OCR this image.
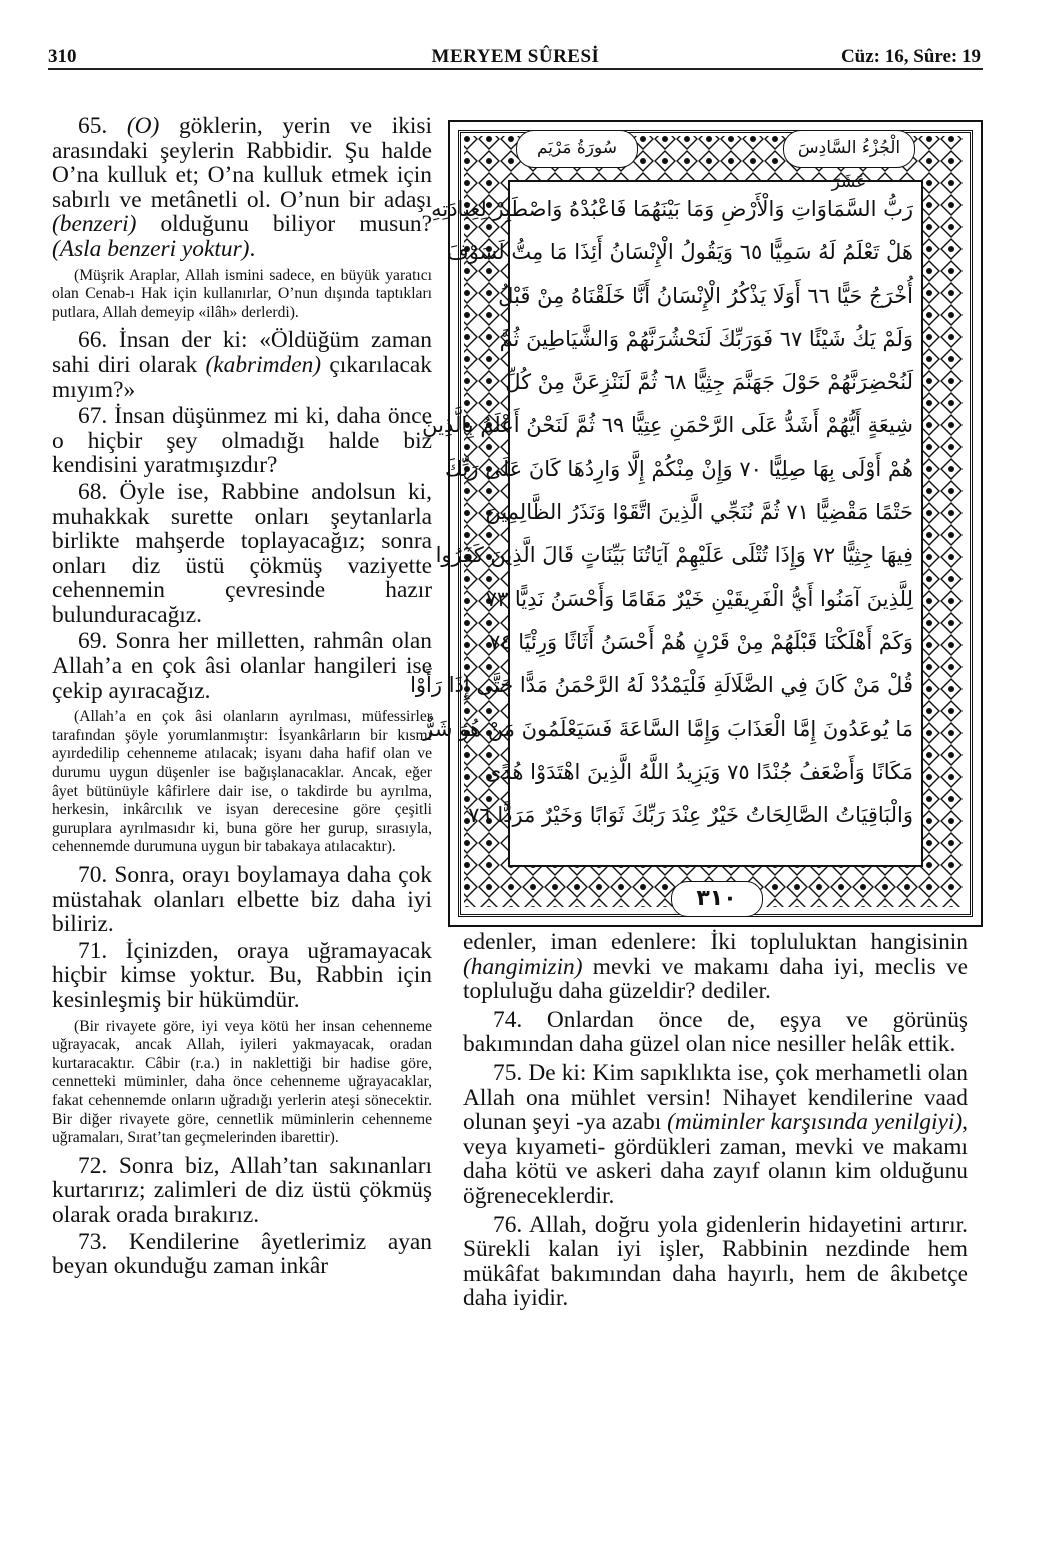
310	MERYEM SÛRESİ	Cüz: 16, Sûre: 19

65. (O) göklerin, yerin ve ikisi arasındaki şeylerin Rabbidir. Şu halde O’na kulluk et; O’na kulluk etmek için sabırlı ve metânetli ol. O’nun bir adaşı (benzeri) olduğunu biliyor musun? (Asla benzeri yoktur).

(Müşrik Araplar, Allah ismini sadece, en büyük yaratıcı olan Cenab-ı Hak için kullanırlar, O’nun dışında taptıkları putlara, Allah demeyip «ilâh» derlerdi).

66. İnsan der ki: «Öldüğüm zaman sahi diri olarak (kabrimden) çıkarılacak mıyım?»

67. İnsan düşünmez mi ki, daha önce o hiçbir şey olmadığı halde biz kendisini yaratmışızdır?

68. Öyle ise, Rabbine andolsun ki, muhakkak surette onları şeytanlarla birlikte mahşerde toplayacağız; sonra onları diz üstü çökmüş vaziyette cehennemin çevresinde hazır bulunduracağız.

69. Sonra her milletten, rahmân olan Allah’a en çok âsi olanlar hangileri ise çekip ayıracağız.

(Allah’a en çok âsi olanların ayrılması, müfessirler tarafından şöyle yorumlanmıştır: İsyankârların bir kısmı ayırdedilip cehenneme atılacak; isyanı daha hafif olan ve durumu uygun düşenler ise bağışlanacaklar. Ancak, eğer âyet bütünüyle kâfirlere dair ise, o takdirde bu ayrılma, herkesin, inkârcılık ve isyan derecesine göre çeşitli guruplara ayrılmasıdır ki, buna göre her gurup, sırasıyla, cehennemde durumuna uygun bir tabakaya atılacaktır).

70. Sonra, orayı boylamaya daha çok müstahak olanları elbette biz daha iyi biliriz.

71. İçinizden, oraya uğramayacak hiçbir kimse yoktur. Bu, Rabbin için kesinleşmiş bir hükümdür.

(Bir rivayete göre, iyi veya kötü her insan cehenneme uğrayacak, ancak Allah, iyileri yakmayacak, oradan kurtaracaktır. Câbir (r.a.) in naklettiği bir hadise göre, cennetteki müminler, daha önce cehenneme uğrayacaklar, fakat cehennemde onların uğradığı yerlerin ateşi sönecektir. Bir diğer rivayete göre, cennetlik müminlerin cehenneme uğramaları, Sırat’tan geçmelerinden ibarettir).

72. Sonra biz, Allah’tan sakınanları kurtarırız; zalimleri de diz üstü çökmüş olarak orada bırakırız.

73. Kendilerine âyetlerimiz ayan beyan okunduğu zaman inkâr

رَبُّ السَّمَاوَاتِ وَالْأَرْضِ وَمَا بَيْنَهُمَا فَاعْبُدْهُ وَاصْطَبِرْ لِعِبَادَتِهِ
هَلْ تَعْلَمُ لَهُ سَمِيًّا ٦٥ وَيَقُولُ الْإِنْسَانُ أَئِذَا مَا مِتُّ لَسَوْفَ
أُخْرَجُ حَيًّا ٦٦ أَوَلَا يَذْكُرُ الْإِنْسَانُ أَنَّا خَلَقْنَاهُ مِنْ قَبْلُ
وَلَمْ يَكُ شَيْئًا ٦٧ فَوَرَبِّكَ لَنَحْشُرَنَّهُمْ وَالشَّيَاطِينَ ثُمَّ
لَنُحْضِرَنَّهُمْ حَوْلَ جَهَنَّمَ جِثِيًّا ٦٨ ثُمَّ لَنَنْزِعَنَّ مِنْ كُلِّ
شِيعَةٍ أَيُّهُمْ أَشَدُّ عَلَى الرَّحْمَنِ عِتِيًّا ٦٩ ثُمَّ لَنَحْنُ أَعْلَمُ بِالَّذِينَ
هُمْ أَوْلَى بِهَا صِلِيًّا ٧٠ وَإِنْ مِنْكُمْ إِلَّا وَارِدُهَا كَانَ عَلَى رَبِّكَ
حَتْمًا مَقْضِيًّا ٧١ ثُمَّ نُنَجِّي الَّذِينَ اتَّقَوْا وَنَذَرُ الظَّالِمِينَ
فِيهَا جِثِيًّا ٧٢ وَإِذَا تُتْلَى عَلَيْهِمْ آيَاتُنَا بَيِّنَاتٍ قَالَ الَّذِينَ كَفَرُوا
لِلَّذِينَ آمَنُوا أَيُّ الْفَرِيقَيْنِ خَيْرٌ مَقَامًا وَأَحْسَنُ نَدِيًّا ٧٣
وَكَمْ أَهْلَكْنَا قَبْلَهُمْ مِنْ قَرْنٍ هُمْ أَحْسَنُ أَثَاثًا وَرِئْيًا ٧٤
قُلْ مَنْ كَانَ فِي الضَّلَالَةِ فَلْيَمْدُدْ لَهُ الرَّحْمَنُ مَدًّا حَتَّى إِذَا رَأَوْا
مَا يُوعَدُونَ إِمَّا الْعَذَابَ وَإِمَّا السَّاعَةَ فَسَيَعْلَمُونَ مَنْ هُوَ شَرٌّ
مَكَانًا وَأَضْعَفُ جُنْدًا ٧٥ وَيَزِيدُ اللَّهُ الَّذِينَ اهْتَدَوْا هُدًى
وَالْبَاقِيَاتُ الصَّالِحَاتُ خَيْرٌ عِنْدَ رَبِّكَ ثَوَابًا وَخَيْرٌ مَرَدًّا ٧٦
سُورَةُ مَرْيَم	الْجُزْءُ السَّادِسَ عَشَرَ
٣١٠

edenler, iman edenlere: İki topluluktan hangisinin (hangimizin) mevki ve makamı daha iyi, meclis ve topluluğu daha güzeldir? dediler.

74. Onlardan önce de, eşya ve görünüş bakımından daha güzel olan nice nesiller helâk ettik.

75. De ki: Kim sapıklıkta ise, çok merhametli olan Allah ona mühlet versin! Nihayet kendilerine vaad olunan şeyi -ya azabı (müminler karşısında yenilgiyi), veya kıyameti- gördükleri zaman, mevki ve makamı daha kötü ve askeri daha zayıf olanın kim olduğunu öğreneceklerdir.

76. Allah, doğru yola gidenlerin hidayetini artırır. Sürekli kalan iyi işler, Rabbinin nezdinde hem mükâfat bakımından daha hayırlı, hem de âkıbetçe daha iyidir.
